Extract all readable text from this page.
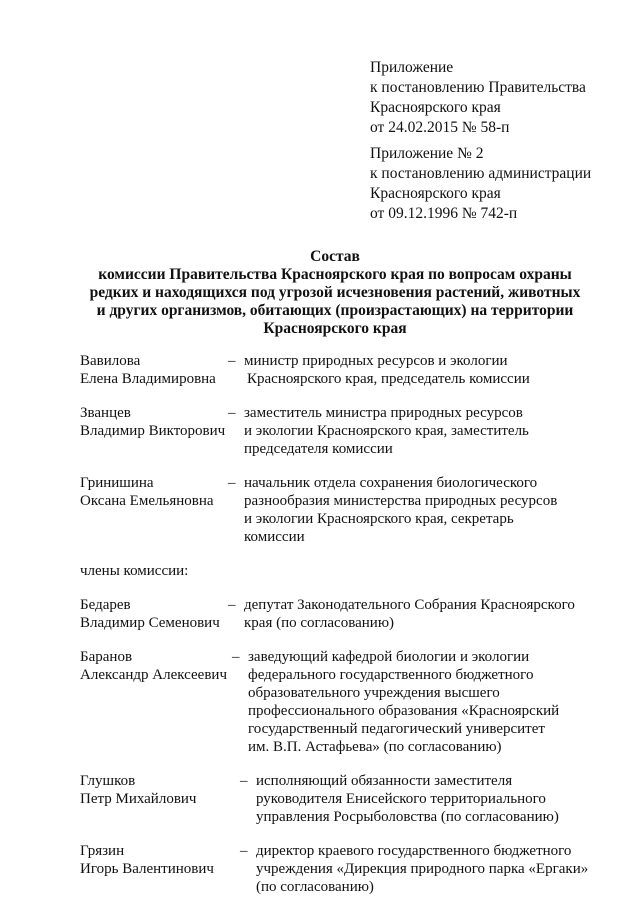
Приложение
к постановлению Правительства
Красноярского края
от 24.02.2015 № 58-п
Приложение № 2
к постановлению администрации
Красноярского края
от 09.12.1996 № 742-п
Состав
комиссии Правительства Красноярского края по вопросам охраны
редких и находящихся под угрозой исчезновения растений, животных
и других организмов, обитающих (произрастающих) на территории
Красноярского края
Вавилова
Елена Владимировна
– министр природных ресурсов и экологии
Красноярского края, председатель комиссии
Званцев
Владимир Викторович
– заместитель министра природных ресурсов
и экологии Красноярского края, заместитель
председателя комиссии
Гринишина
Оксана Емельяновна
– начальник отдела сохранения биологического
разнообразия министерства природных ресурсов
и экологии Красноярского края, секретарь
комиссии
члены комиссии:
Бедарев
Владимир Семенович
– депутат Законодательного Собрания Красноярского
края (по согласованию)
Баранов
Александр Алексеевич
– заведующий кафедрой биологии и экологии
федерального государственного бюджетного
образовательного учреждения высшего
профессионального образования «Красноярский
государственный педагогический университет
им. В.П. Астафьева» (по согласованию)
Глушков
Петр Михайлович
– исполняющий обязанности заместителя
руководителя Енисейского территориального
управления Росрыболовства (по согласованию)
Грязин
Игорь Валентинович
– директор краевого государственного бюджетного
учреждения «Дирекция природного парка «Ергаки»
(по согласованию)
